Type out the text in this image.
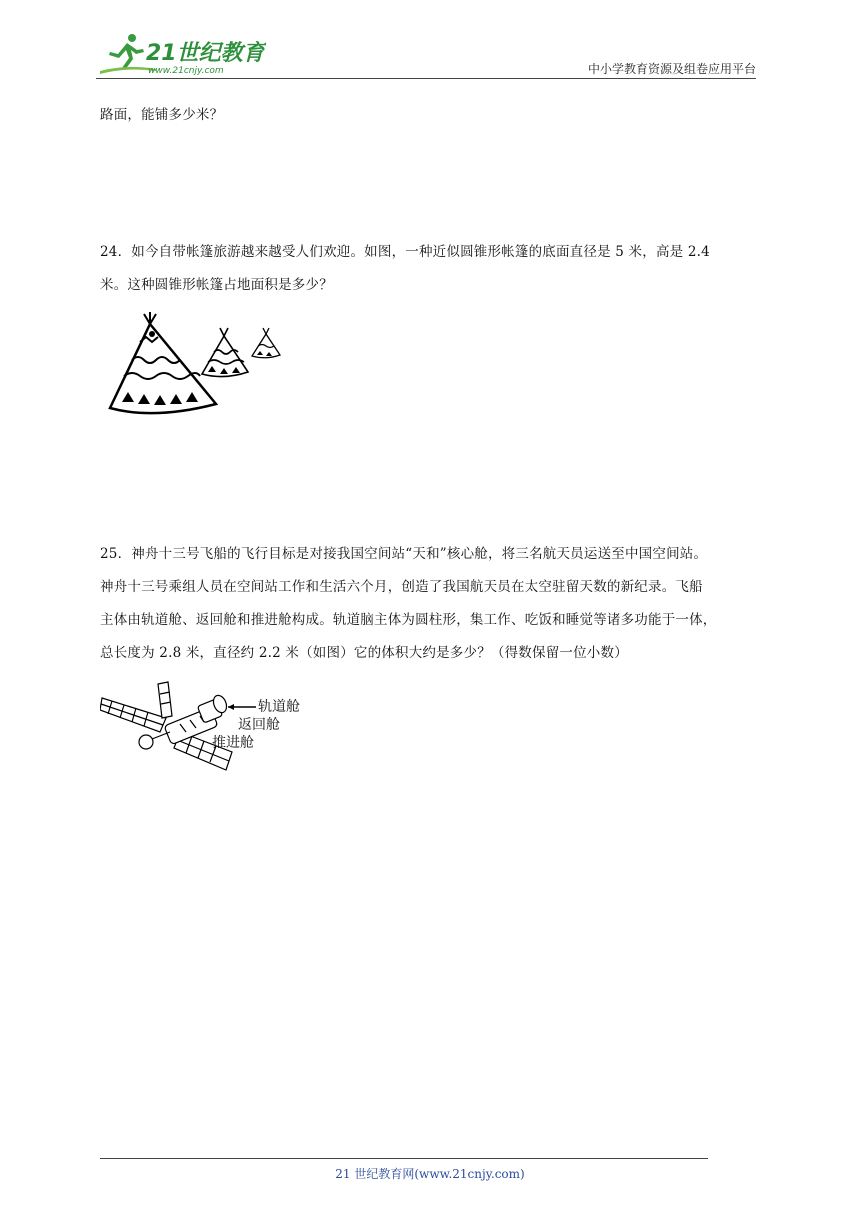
21世纪教育
www.21cnjy.com	中小学教育资源及组卷应用平台

路面，能铺多少米？

24．如今自带帐篷旅游越来越受人们欢迎。如图，一种近似圆锥形帐篷的底面直径是 5 米，高是 2.4

米。这种圆锥形帐篷占地面积是多少？

25．神舟十三号飞船的飞行目标是对接我国空间站“天和”核心舱，将三名航天员运送至中国空间站。

神舟十三号乘组人员在空间站工作和生活六个月，创造了我国航天员在太空驻留天数的新纪录。飞船

主体由轨道舱、返回舱和推进舱构成。轨道脑主体为圆柱形，集工作、吃饭和睡觉等诸多功能于一体，

总长度为 2.8 米，直径约 2.2 米（如图）它的体积大约是多少？（得数保留一位小数）

轨道舱
返回舱
推进舱
21 世纪教育网(www.21cnjy.com)
